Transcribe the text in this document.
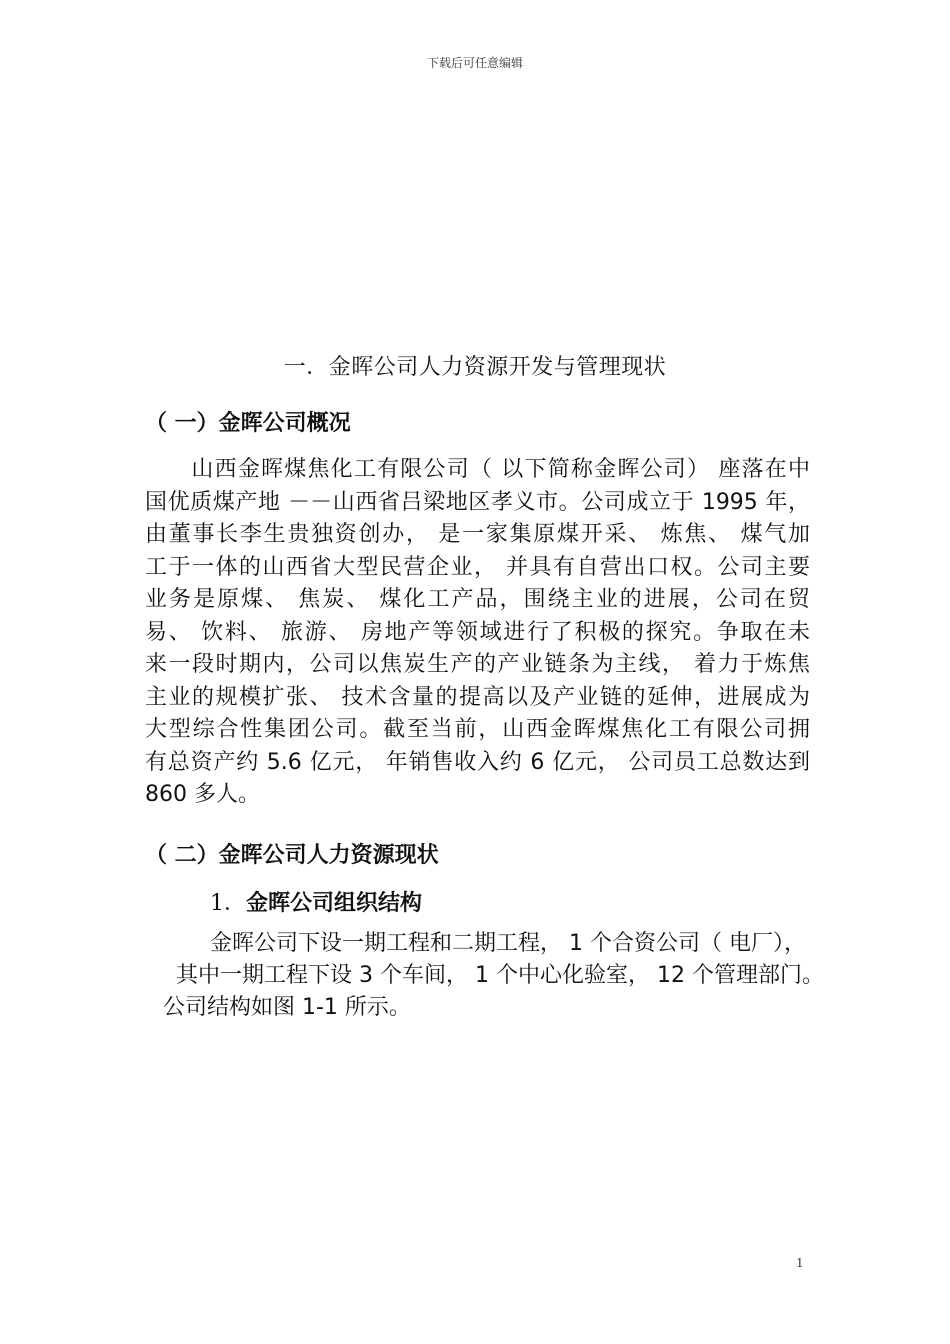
下载后可任意编辑
一．金晖公司人力资源开发与管理现状
（ 一）金晖公司概况
　　山西金晖煤焦化工有限公司（ 以下简称金晖公司） 座落在中
国优质煤产地 －－山西省吕梁地区孝义市。公司成立于 1995 年，
由董事长李生贵独资创办， 是一家集原煤开采、 炼焦、 煤气加
工于一体的山西省大型民营企业， 并具有自营出口权。公司主要
业务是原煤、 焦炭、 煤化工产品，围绕主业的进展，公司在贸
易、 饮料、 旅游、 房地产等领域进行了积极的探究。争取在未
来一段时期内，公司以焦炭生产的产业链条为主线， 着力于炼焦
主业的规模扩张、 技术含量的提高以及产业链的延伸，进展成为
大型综合性集团公司。截至当前，山西金晖煤焦化工有限公司拥
有总资产约 5.6 亿元， 年销售收入约 6 亿元， 公司员工总数达到
860 多人。
（ 二）金晖公司人力资源现状
1．金晖公司组织结构
金晖公司下设一期工程和二期工程， 1 个合资公司（ 电厂），
其中一期工程下设 3 个车间， 1 个中心化验室， 12 个管理部门。
公司结构如图 1-1 所示。
1
